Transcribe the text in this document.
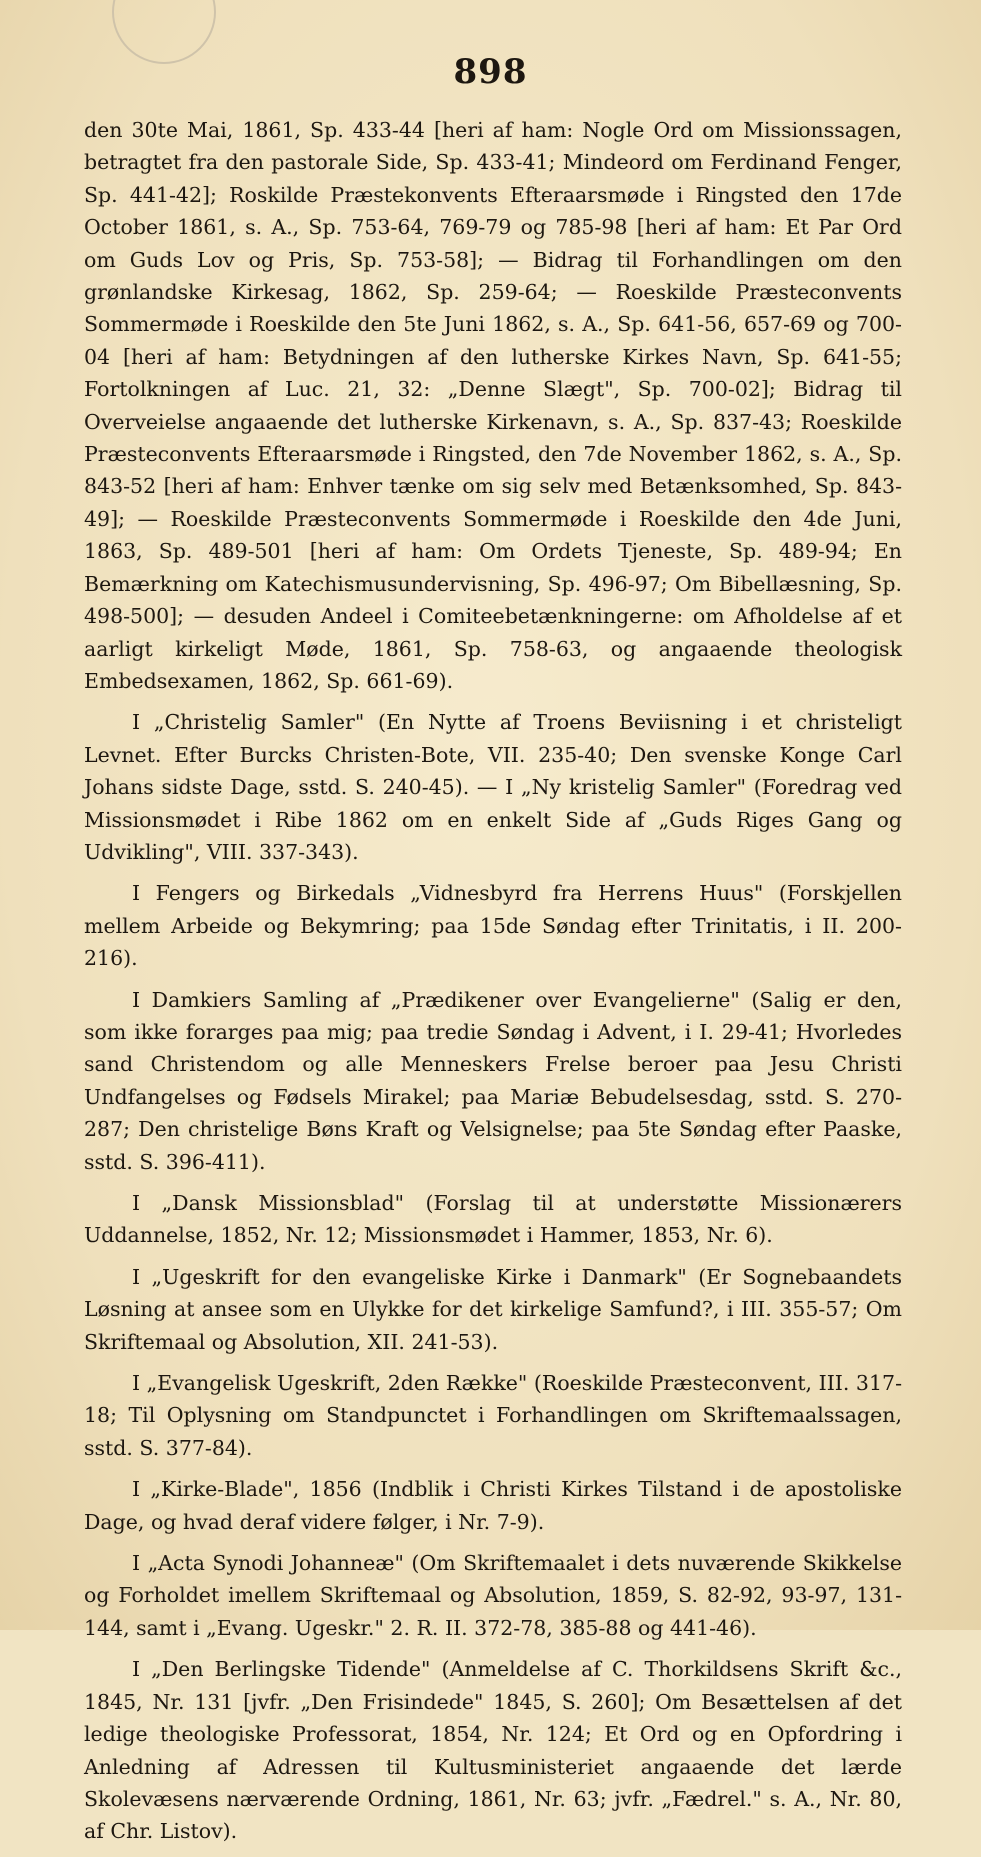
898

den 30te Mai, 1861, Sp. 433-44 [heri af ham: Nogle Ord om Missionssagen, betragtet fra den pastorale Side, Sp. 433-41; Mindeord om Ferdinand Fenger, Sp. 441-42]; Roskilde Præstekonvents Efteraarsmøde i Ringsted den 17de October 1861, s. A., Sp. 753-64, 769-79 og 785-98 [heri af ham: Et Par Ord om Guds Lov og Pris, Sp. 753-58]; — Bidrag til Forhandlingen om den grønlandske Kirkesag, 1862, Sp. 259-64; — Roeskilde Præsteconvents Sommermøde i Roeskilde den 5te Juni 1862, s. A., Sp. 641-56, 657-69 og 700-04 [heri af ham: Betydningen af den lutherske Kirkes Navn, Sp. 641-55; Fortolkningen af Luc. 21, 32: „Denne Slægt", Sp. 700-02]; Bidrag til Overveielse angaaende det lutherske Kirkenavn, s. A., Sp. 837-43; Roeskilde Præsteconvents Efteraarsmøde i Ringsted, den 7de November 1862, s. A., Sp. 843-52 [heri af ham: Enhver tænke om sig selv med Betænksomhed, Sp. 843-49]; — Roeskilde Præsteconvents Sommermøde i Roeskilde den 4de Juni, 1863, Sp. 489-501 [heri af ham: Om Ordets Tjeneste, Sp. 489-94; En Bemærkning om Katechismusundervisning, Sp. 496-97; Om Bibellæsning, Sp. 498-500]; — desuden Andeel i Comiteebetænkningerne: om Afholdelse af et aarligt kirkeligt Møde, 1861, Sp. 758-63, og angaaende theologisk Embedsexamen, 1862, Sp. 661-69).

I „Christelig Samler" (En Nytte af Troens Beviisning i et christeligt Levnet. Efter Burcks Christen-Bote, VII. 235-40; Den svenske Konge Carl Johans sidste Dage, sstd. S. 240-45). — I „Ny kristelig Samler" (Foredrag ved Missionsmødet i Ribe 1862 om en enkelt Side af „Guds Riges Gang og Udvikling", VIII. 337-343).

I Fengers og Birkedals „Vidnesbyrd fra Herrens Huus" (Forskjellen mellem Arbeide og Bekymring; paa 15de Søndag efter Trinitatis, i II. 200-216).

I Damkiers Samling af „Prædikener over Evangelierne" (Salig er den, som ikke forarges paa mig; paa tredie Søndag i Advent, i I. 29-41; Hvorledes sand Christendom og alle Menneskers Frelse beroer paa Jesu Christi Undfangelses og Fødsels Mirakel; paa Mariæ Bebudelsesdag, sstd. S. 270-287; Den christelige Bøns Kraft og Velsignelse; paa 5te Søndag efter Paaske, sstd. S. 396-411).

I „Dansk Missionsblad" (Forslag til at understøtte Missionærers Uddannelse, 1852, Nr. 12; Missionsmødet i Hammer, 1853, Nr. 6).

I „Ugeskrift for den evangeliske Kirke i Danmark" (Er Sognebaandets Løsning at ansee som en Ulykke for det kirkelige Samfund?, i III. 355-57; Om Skriftemaal og Absolution, XII. 241-53).

I „Evangelisk Ugeskrift, 2den Række" (Roeskilde Præsteconvent, III. 317-18; Til Oplysning om Standpunctet i Forhandlingen om Skriftemaalssagen, sstd. S. 377-84).

I „Kirke-Blade", 1856 (Indblik i Christi Kirkes Tilstand i de apostoliske Dage, og hvad deraf videre følger, i Nr. 7-9).

I „Acta Synodi Johanneæ" (Om Skriftemaalet i dets nuværende Skikkelse og Forholdet imellem Skriftemaal og Absolution, 1859, S. 82-92, 93-97, 131-144, samt i „Evang. Ugeskr." 2. R. II. 372-78, 385-88 og 441-46).

I „Den Berlingske Tidende" (Anmeldelse af C. Thorkildsens Skrift &c., 1845, Nr. 131 [jvfr. „Den Frisindede" 1845, S. 260]; Om Besættelsen af det ledige theologiske Professorat, 1854, Nr. 124; Et Ord og en Opfordring i Anledning af Adressen til Kultusministeriet angaaende det lærde Skolevæsens nærværende Ordning, 1861, Nr. 63; jvfr. „Fædrel." s. A., Nr. 80, af Chr. Listov).
